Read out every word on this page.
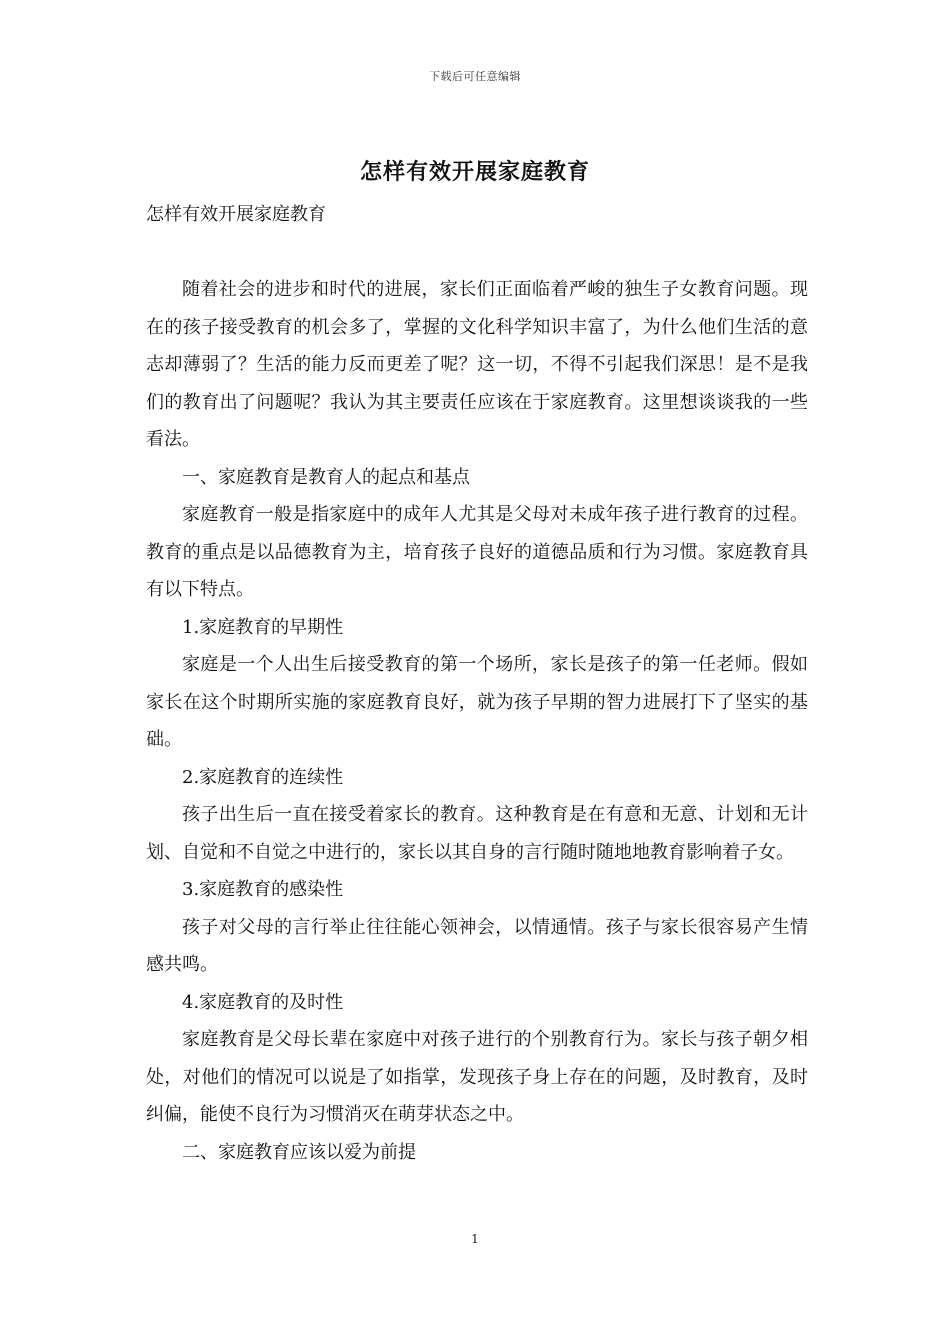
下载后可任意编辑
怎样有效开展家庭教育

怎样有效开展家庭教育

随着社会的进步和时代的进展，家长们正面临着严峻的独生子女教育问题。现在的孩子接受教育的机会多了，掌握的文化科学知识丰富了，为什么他们生活的意志却薄弱了？生活的能力反而更差了呢？这一切，不得不引起我们深思！是不是我们的教育出了问题呢？我认为其主要责任应该在于家庭教育。这里想谈谈我的一些看法。

一、家庭教育是教育人的起点和基点

家庭教育一般是指家庭中的成年人尤其是父母对未成年孩子进行教育的过程。教育的重点是以品德教育为主，培育孩子良好的道德品质和行为习惯。家庭教育具有以下特点。

1.家庭教育的早期性

家庭是一个人出生后接受教育的第一个场所，家长是孩子的第一任老师。假如家长在这个时期所实施的家庭教育良好，就为孩子早期的智力进展打下了坚实的基础。

2.家庭教育的连续性

孩子出生后一直在接受着家长的教育。这种教育是在有意和无意、计划和无计划、自觉和不自觉之中进行的，家长以其自身的言行随时随地地教育影响着子女。

3.家庭教育的感染性

孩子对父母的言行举止往往能心领神会，以情通情。孩子与家长很容易产生情感共鸣。

4.家庭教育的及时性

家庭教育是父母长辈在家庭中对孩子进行的个别教育行为。家长与孩子朝夕相处，对他们的情况可以说是了如指掌，发现孩子身上存在的问题，及时教育，及时纠偏，能使不良行为习惯消灭在萌芽状态之中。

二、家庭教育应该以爱为前提

1
